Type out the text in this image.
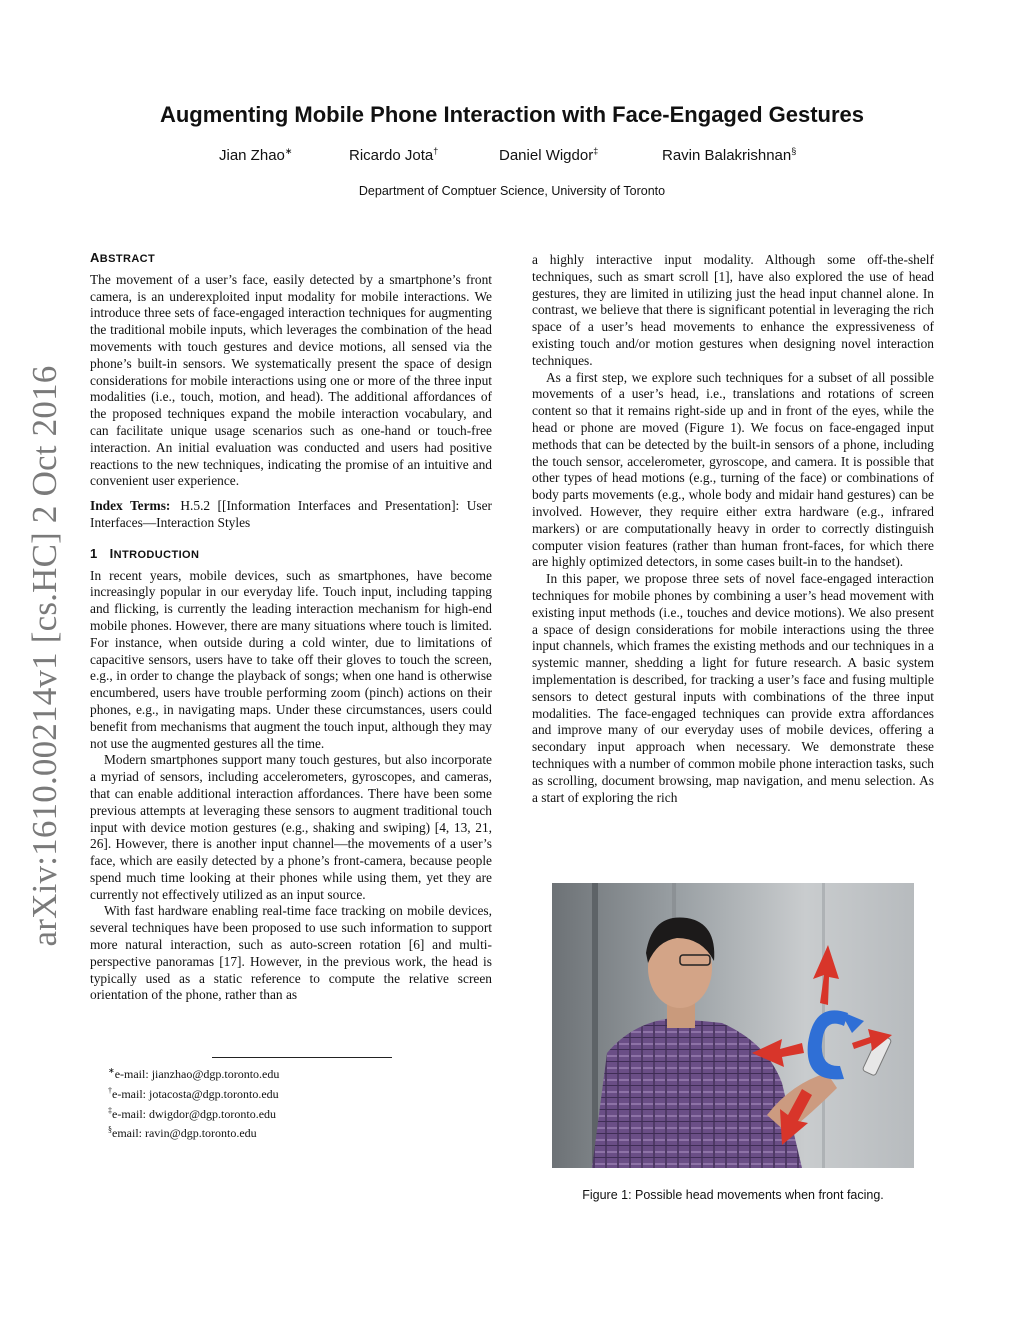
arXiv:1610.00214v1 [cs.HC] 2 Oct 2016
Augmenting Mobile Phone Interaction with Face-Engaged Gestures
Jian Zhao∗	Ricardo Jota†	Daniel Wigdor‡	Ravin Balakrishnan§
Department of Comptuer Science, University of Toronto
ABSTRACT

The movement of a user’s face, easily detected by a smartphone’s front camera, is an underexploited input modality for mobile interactions. We introduce three sets of face-engaged interaction techniques for augmenting the traditional mobile inputs, which leverages the combination of the head movements with touch gestures and device motions, all sensed via the phone’s built-in sensors. We systematically present the space of design considerations for mobile interactions using one or more of the three input modalities (i.e., touch, motion, and head). The additional affordances of the proposed techniques expand the mobile interaction vocabulary, and can facilitate unique usage scenarios such as one-hand or touch-free interaction. An initial evaluation was conducted and users had positive reactions to the new techniques, indicating the promise of an intuitive and convenient user experience.

Index Terms: H.5.2 [[Information Interfaces and Presentation]: User Interfaces—Interaction Styles

1 INTRODUCTION

In recent years, mobile devices, such as smartphones, have become increasingly popular in our everyday life. Touch input, including tapping and flicking, is currently the leading interaction mechanism for high-end mobile phones. However, there are many situations where touch is limited. For instance, when outside during a cold winter, due to limitations of capacitive sensors, users have to take off their gloves to touch the screen, e.g., in order to change the playback of songs; when one hand is otherwise encumbered, users have trouble performing zoom (pinch) actions on their phones, e.g., in navigating maps. Under these circumstances, users could benefit from mechanisms that augment the touch input, although they may not use the augmented gestures all the time.

Modern smartphones support many touch gestures, but also incorporate a myriad of sensors, including accelerometers, gyroscopes, and cameras, that can enable additional interaction affordances. There have been some previous attempts at leveraging these sensors to augment traditional touch input with device motion gestures (e.g., shaking and swiping) [4, 13, 21, 26]. However, there is another input channel—the movements of a user’s face, which are easily detected by a phone’s front-camera, because people spend much time looking at their phones while using them, yet they are currently not effectively utilized as an input source.

With fast hardware enabling real-time face tracking on mobile devices, several techniques have been proposed to use such information to support more natural interaction, such as auto-screen rotation [6] and multi-perspective panoramas [17]. However, in the previous work, the head is typically used as a static reference to compute the relative screen orientation of the phone, rather than as

∗e-mail: jianzhao@dgp.toronto.edu
†e-mail: jotacosta@dgp.toronto.edu
‡e-mail: dwigdor@dgp.toronto.edu
§email: ravin@dgp.toronto.edu

a highly interactive input modality. Although some off-the-shelf techniques, such as smart scroll [1], have also explored the use of head gestures, they are limited in utilizing just the head input channel alone. In contrast, we believe that there is significant potential in leveraging the rich space of a user’s head movements to enhance the expressiveness of existing touch and/or motion gestures when designing novel interaction techniques.

As a first step, we explore such techniques for a subset of all possible movements of a user’s head, i.e., translations and rotations of screen content so that it remains right-side up and in front of the eyes, while the head or phone are moved (Figure 1). We focus on face-engaged input methods that can be detected by the built-in sensors of a phone, including the touch sensor, accelerometer, gyroscope, and camera. It is possible that other types of head motions (e.g., turning of the face) or combinations of body parts movements (e.g., whole body and midair hand gestures) can be involved. However, they require either extra hardware (e.g., infrared markers) or are computationally heavy in order to correctly distinguish computer vision features (rather than human front-faces, for which there are highly optimized detectors, in some cases built-in to the handset).

In this paper, we propose three sets of novel face-engaged interaction techniques for mobile phones by combining a user’s head movement with existing input methods (i.e., touches and device motions). We also present a space of design considerations for mobile interactions using the three input channels, which frames the existing methods and our techniques in a systemic manner, shedding a light for future research. A basic system implementation is described, for tracking a user’s face and fusing multiple sensors to detect gestural inputs with combinations of the three input modalities. The face-engaged techniques can provide extra affordances and improve many of our everyday uses of mobile devices, offering a secondary input approach when necessary. We demonstrate these techniques with a number of common mobile phone interaction tasks, such as scrolling, document browsing, map navigation, and menu selection. As a start of exploring the rich

Figure 1: Possible head movements when front facing.
